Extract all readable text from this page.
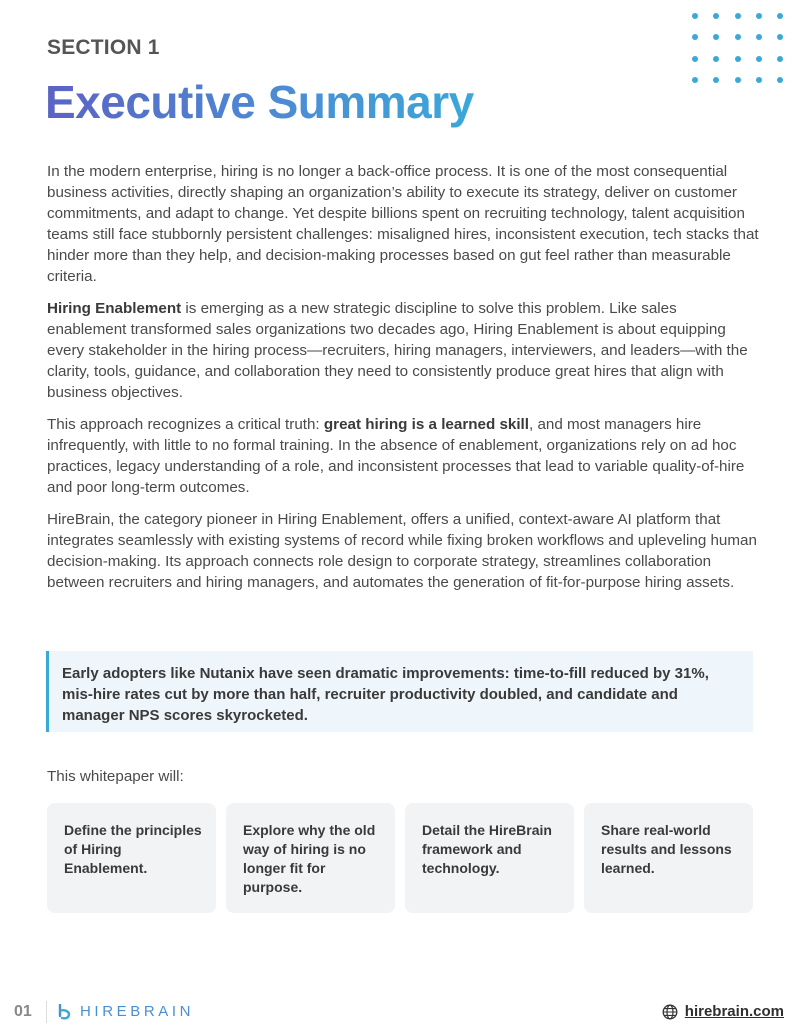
SECTION 1
Executive Summary

In the modern enterprise, hiring is no longer a back-office process. It is one of the most consequential business activities, directly shaping an organization’s ability to execute its strategy, deliver on customer commitments, and adapt to change. Yet despite billions spent on recruiting technology, talent acquisition teams still face stubbornly persistent challenges: misaligned hires, inconsistent execution, tech stacks that hinder more than they help, and decision-making processes based on gut feel rather than measurable criteria.

Hiring Enablement is emerging as a new strategic discipline to solve this problem. Like sales enablement transformed sales organizations two decades ago, Hiring Enablement is about equipping every stakeholder in the hiring process—recruiters, hiring managers, interviewers, and leaders—with the clarity, tools, guidance, and collaboration they need to consistently produce great hires that align with business objectives.

This approach recognizes a critical truth: great hiring is a learned skill, and most managers hire infrequently, with little to no formal training. In the absence of enablement, organizations rely on ad hoc practices, legacy understanding of a role, and inconsistent processes that lead to variable quality-of-hire and poor long-term outcomes.

HireBrain, the category pioneer in Hiring Enablement, offers a unified, context-aware AI platform that integrates seamlessly with existing systems of record while fixing broken workflows and upleveling human decision-making. Its approach connects role design to corporate strategy, streamlines collaboration between recruiters and hiring managers, and automates the generation of fit-for-purpose hiring assets.

Early adopters like Nutanix have seen dramatic improvements: time-to-fill reduced by 31%, mis-hire rates cut by more than half, recruiter productivity doubled, and candidate and manager NPS scores skyrocketed.
This whitepaper will:
Define the principles of Hiring Enablement.
Explore why the old way of hiring is no longer fit for purpose.
Detail the HireBrain framework and technology.
Share real-world results and lessons learned.
01	HIREBRAIN	hirebrain.com
